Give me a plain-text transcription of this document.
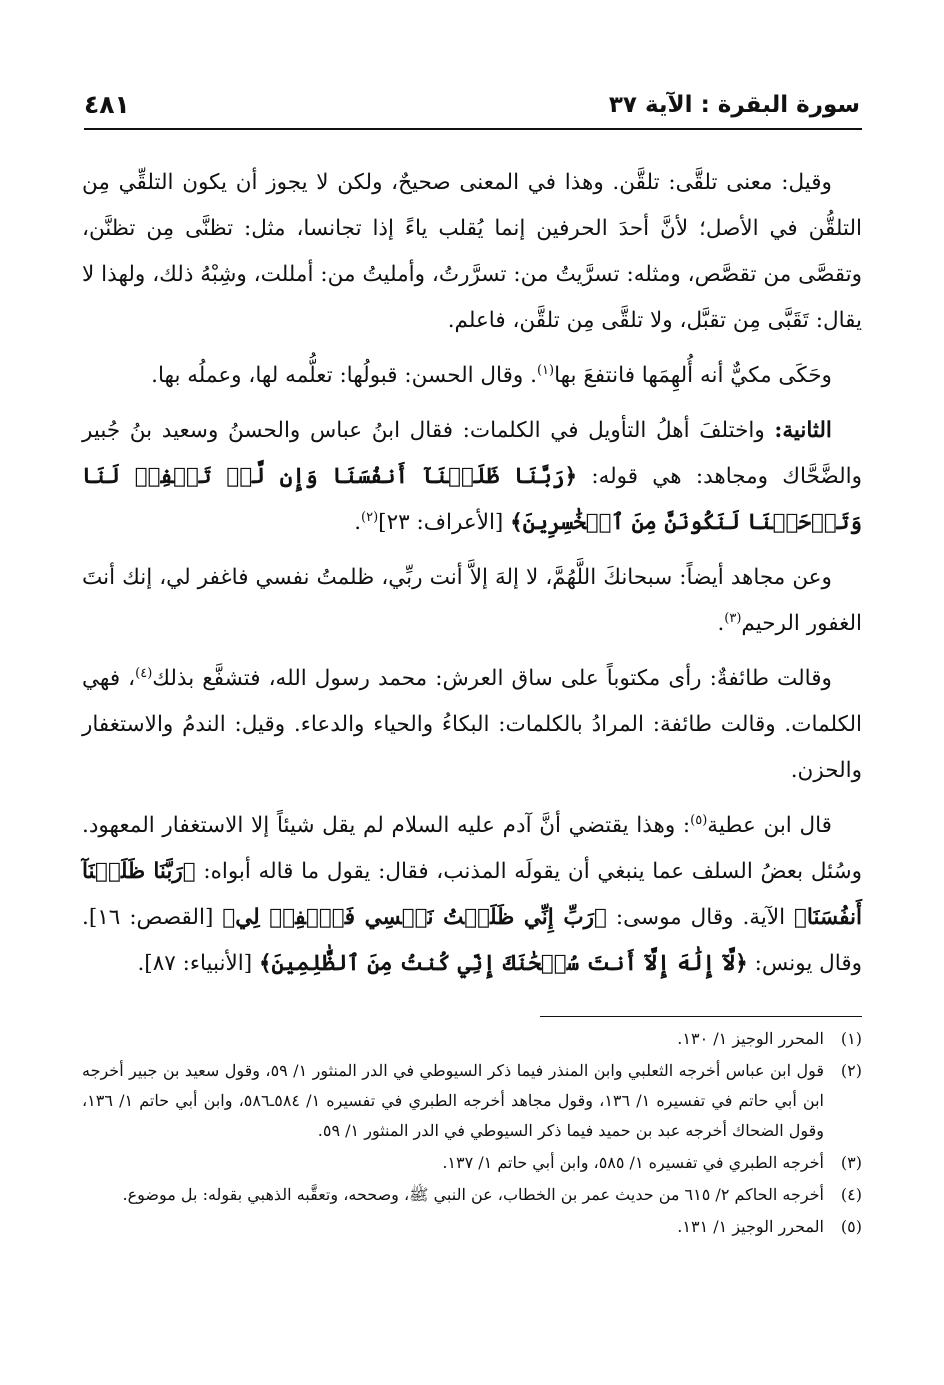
سورة البقرة : الآية ٣٧
٤٨١

وقيل: معنى تلقَّى: تلقَّن. وهذا في المعنى صحيحٌ، ولكن لا يجوز أن يكون التلقِّي مِن التلقُّن في الأصل؛ لأنَّ أحدَ الحرفين إنما يُقلب ياءً إذا تجانسا، مثل: تظنَّى مِن تظنَّن، وتقصَّى من تقصَّص، ومثله: تسرَّيتُ من: تسرَّرتُ، وأمليتُ من: أمللت، وشِبْهُ ذلك، ولهذا لا يقال: تَقَبَّى مِن تقبَّل، ولا تلقَّى مِن تلقَّن، فاعلم.

وحَكَى مكيٌّ أنه أُلهِمَها فانتفعَ بها$^{(١)}$. وقال الحسن: قبولُها: تعلُّمه لها، وعملُه بها.

الثانية: واختلفَ أهلُ التأويل في الكلمات: فقال ابنُ عباس والحسنُ وسعيد بنُ جُبير والضَّحَّاك ومجاهد: هي قوله: ﴿رَبَّنَا ظَلَمۡنَآ أَنفُسَنَا وَإِن لَّمۡ تَغۡفِرۡ لَنَا وَتَرۡحَمۡنَا لَنَكُونَنَّ مِنَ ٱلۡخَٰسِرِينَ﴾ [الأعراف: ٢٣]$^{(٢)}$.

وعن مجاهد أيضاً: سبحانكَ اللَّهُمَّ، لا إلهَ إلاَّ أنت ربِّي، ظلمتُ نفسي فاغفر لي، إنك أنتَ الغفور الرحيم$^{(٣)}$.

وقالت طائفةٌ: رأى مكتوباً على ساق العرش: محمد رسول الله، فتشفَّع بذلك$^{(٤)}$، فهي الكلمات. وقالت طائفة: المرادُ بالكلمات: البكاءُ والحياء والدعاء. وقيل: الندمُ والاستغفار والحزن.

قال ابن عطية$^{(٥)}$: وهذا يقتضي أنَّ آدم عليه السلام لم يقل شيئاً إلا الاستغفار المعهود. وسُئل بعضُ السلف عما ينبغي أن يقولَه المذنب، فقال: يقول ما قاله أبواه: ﴿رَبَّنَا ظَلَمۡنَآ أَنفُسَنَا﴾ الآية. وقال موسى: ﴿رَبِّ إِنِّي ظَلَمۡتُ نَفۡسِي فَٱغۡفِرۡ لِي﴾ [القصص: ١٦]. وقال يونس: ﴿لَّآ إِلَٰهَ إِلَّآ أَنتَ سُبۡحَٰنَكَ إِنِّي كُنتُ مِنَ ٱلظَّٰلِمِينَ﴾ [الأنبياء: ٨٧].

(١)
المحرر الوجيز ١/ ١٣٠.
(٢)
قول ابن عباس أخرجه الثعلبي وابن المنذر فيما ذكر السيوطي في الدر المنثور ١/ ٥٩، وقول سعيد بن جبير أخرجه ابن أبي حاتم في تفسيره ١/ ١٣٦، وقول مجاهد أخرجه الطبري في تفسيره ١/ ٥٨٤ـ٥٨٦، وابن أبي حاتم ١/ ١٣٦، وقول الضحاك أخرجه عبد بن حميد فيما ذكر السيوطي في الدر المنثور ١/ ٥٩.
(٣)
أخرجه الطبري في تفسيره ١/ ٥٨٥، وابن أبي حاتم ١/ ١٣٧.
(٤)
أخرجه الحاكم ٢/ ٦١٥ من حديث عمر بن الخطاب، عن النبي ﷺ، وصححه، وتعقَّبه الذهبي بقوله: بل موضوع.
(٥)
المحرر الوجيز ١/ ١٣١.
